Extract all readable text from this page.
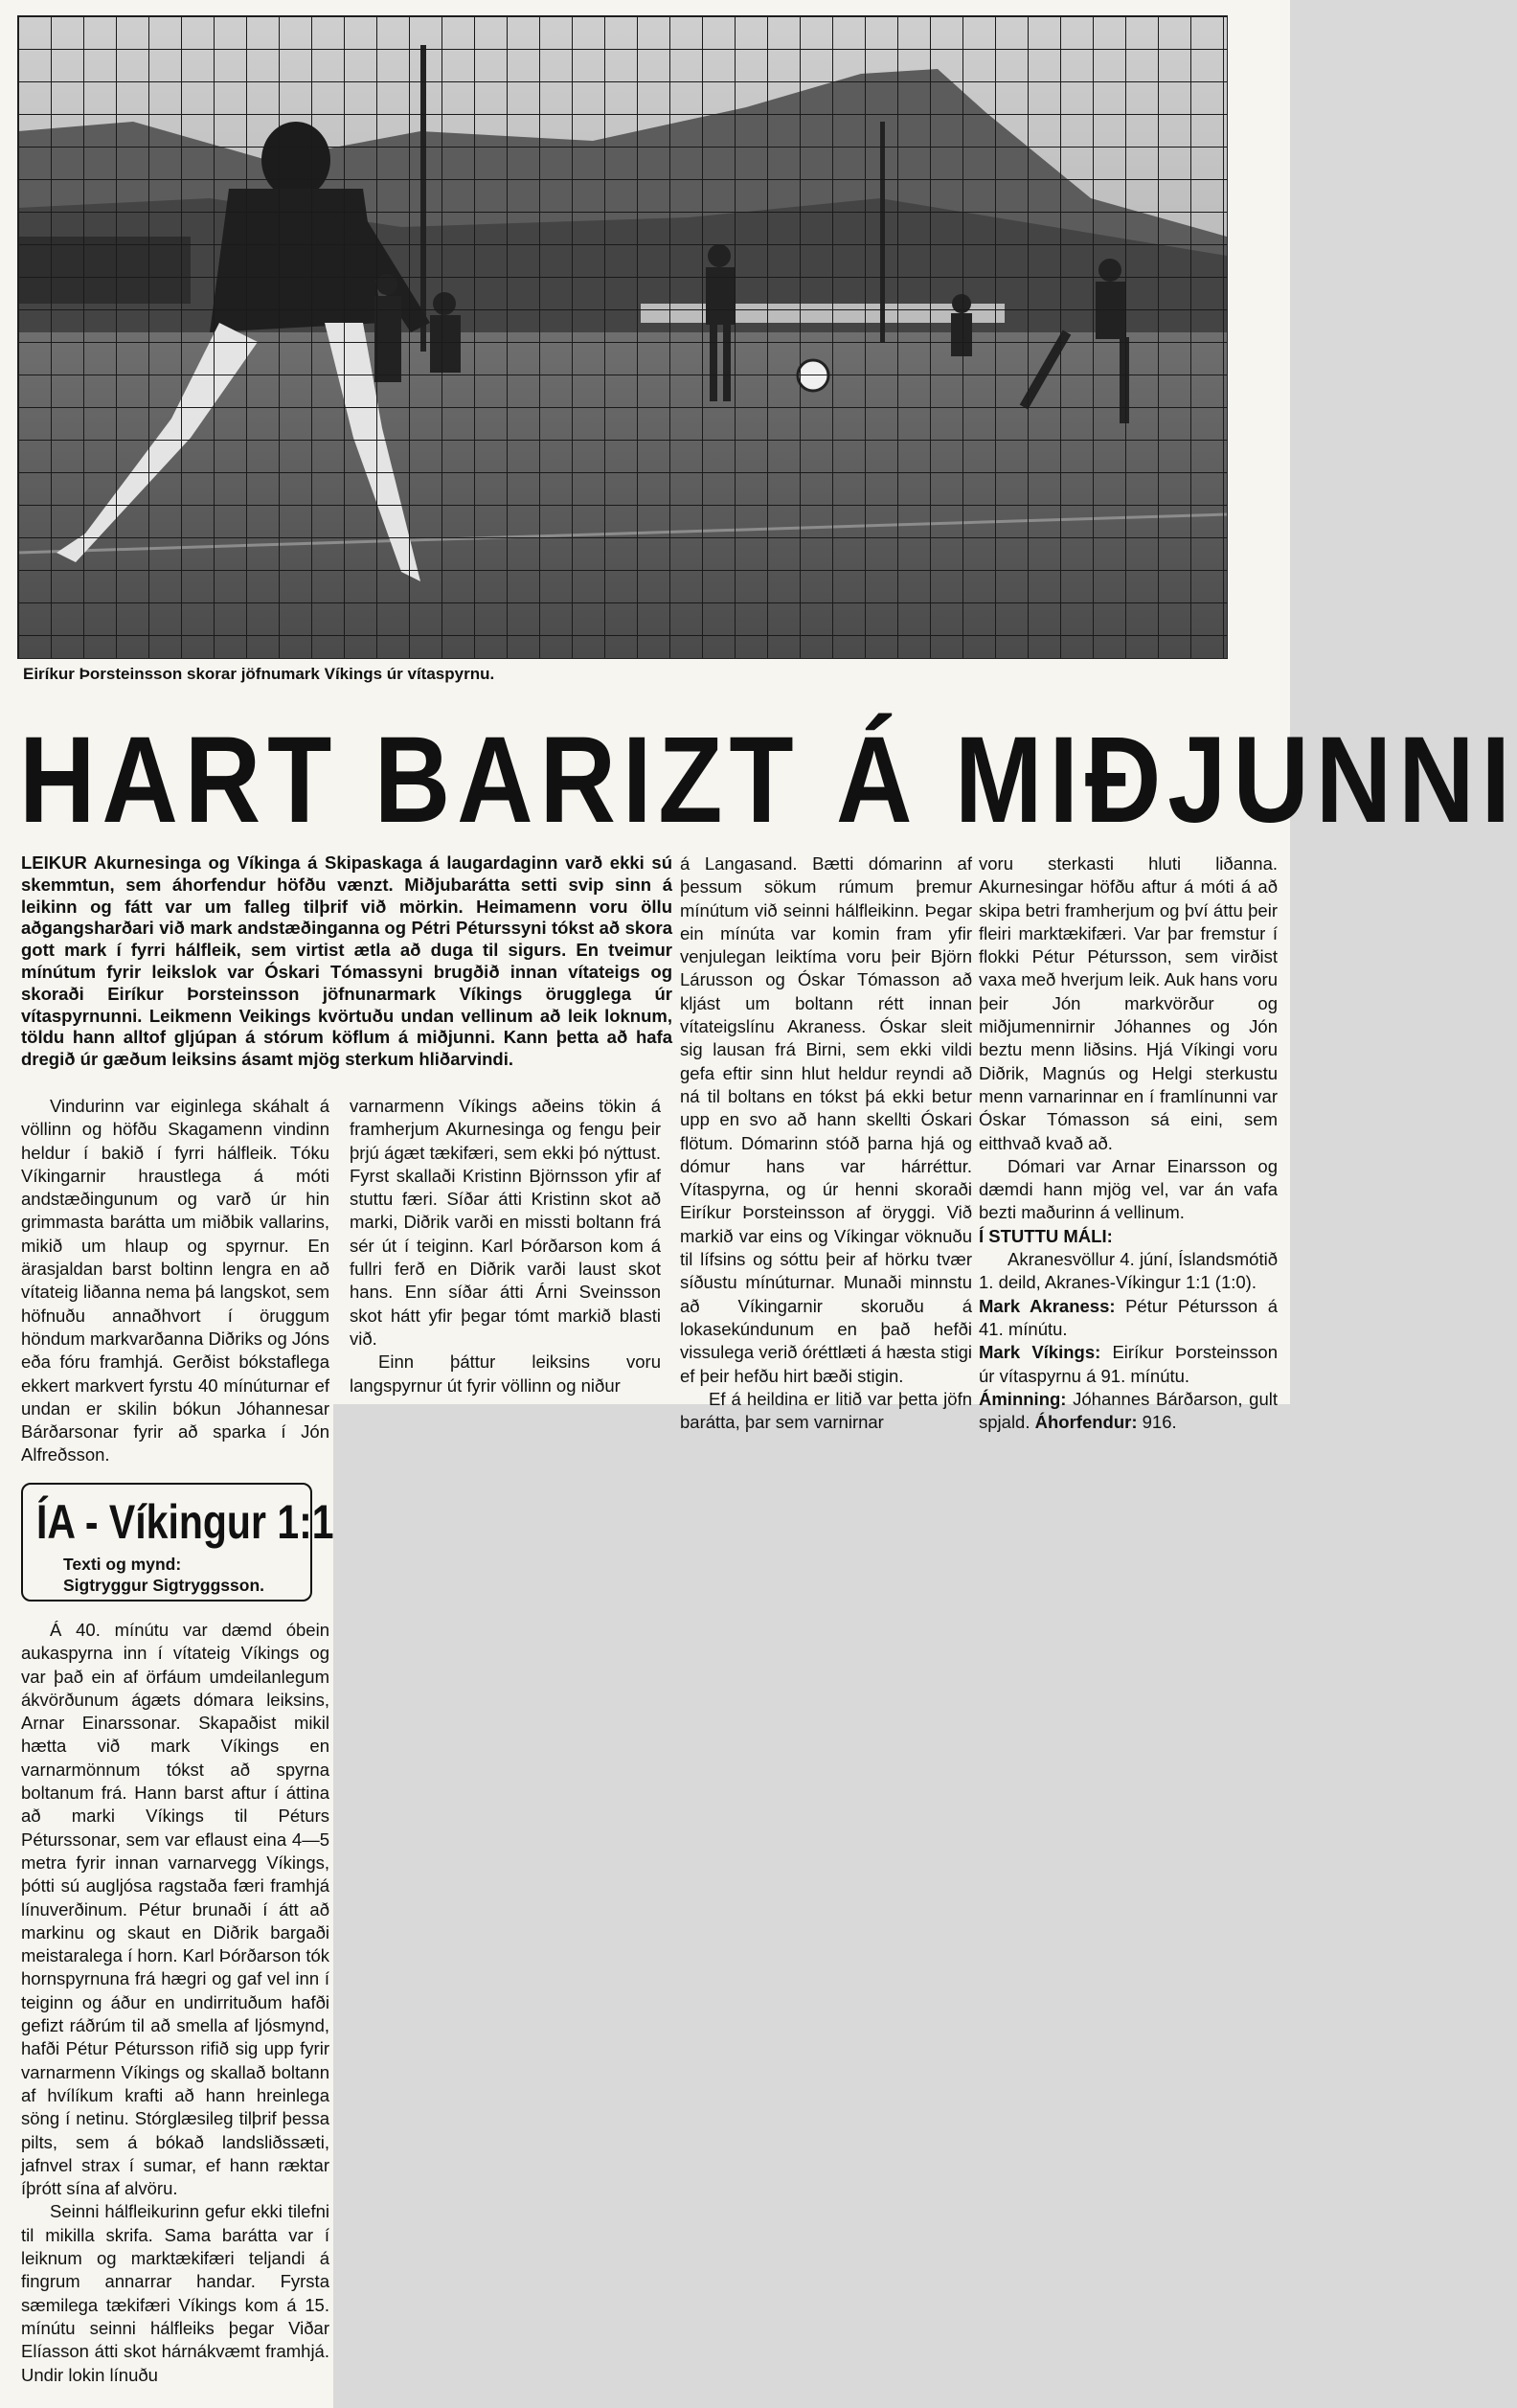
Eiríkur Þorsteinsson skorar jöfnumark Víkings úr vítaspyrnu.
HART BARIZT Á MIÐJUNNI
LEIKUR Akurnesinga og Víkinga á Skipaskaga á laugardaginn varð ekki sú skemmtun, sem áhorfendur höfðu vænzt. Miðjubarátta setti svip sinn á leikinn og fátt var um falleg tilþrif við mörkin. Heimamenn voru öllu aðgangsharðari við mark andstæðinganna og Pétri Péturssyni tókst að skora gott mark í fyrri hálfleik, sem virtist ætla að duga til sigurs. En tveimur mínútum fyrir leikslok var Óskari Tómassyni brugðið innan vítateigs og skoraði Eiríkur Þorsteinsson jöfnunarmark Víkings örugglega úr vítaspyrnunni. Leikmenn Veikings kvörtuðu undan vellinum að leik loknum, töldu hann alltof gljúpan á stórum köflum á miðjunni. Kann þetta að hafa dregið úr gæðum leiksins ásamt mjög sterkum hliðarvindi.

Vindurinn var eiginlega skáhalt á völlinn og höfðu Skagamenn vindinn heldur í bakið í fyrri hálfleik. Tóku Víkingarnir hraustlega á móti andstæðingunum og varð úr hin grimmasta barátta um miðbik vallarins, mikið um hlaup og spyrnur. En ärasjaldan barst boltinn lengra en að vítateig liðanna nema þá langskot, sem höfnuðu annaðhvort í öruggum höndum markvarðanna Diðriks og Jóns eða fóru framhjá. Gerðist bókstaflega ekkert markvert fyrstu 40 mínúturnar ef undan er skilin bókun Jóhannesar Bárðarsonar fyrir að sparka í Jón Alfreðsson.

ÍA - Víkingur 1:1
Texti og mynd:
Sigtryggur Sigtryggsson.

Á 40. mínútu var dæmd óbein aukaspyrna inn í vítateig Víkings og var það ein af örfáum umdeilanlegum ákvörðunum ágæts dómara leiksins, Arnar Einarssonar. Skapaðist mikil hætta við mark Víkings en varnarmönnum tókst að spyrna boltanum frá. Hann barst aftur í áttina að marki Víkings til Péturs Péturssonar, sem var eflaust eina 4—5 metra fyrir innan varnarvegg Víkings, þótti sú augljósa ragstaða færi framhjá línuverðinum. Pétur brunaði í átt að markinu og skaut en Diðrik bargaði meistaralega í horn. Karl Þórðarson tók hornspyrnuna frá hægri og gaf vel inn í teiginn og áður en undirrituðum hafði gefizt ráðrúm til að smella af ljósmynd, hafði Pétur Pétursson rifið sig upp fyrir varnarmenn Víkings og skallað boltann af hvílíkum krafti að hann hreinlega söng í netinu. Stórglæsileg tilþrif þessa pilts, sem á bókað landsliðssæti, jafnvel strax í sumar, ef hann ræktar íþrótt sína af alvöru.

Seinni hálfleikurinn gefur ekki tilefni til mikilla skrifa. Sama barátta var í leiknum og marktækifæri teljandi á fingrum annarrar handar. Fyrsta sæmilega tækifæri Víkings kom á 15. mínútu seinni hálfleiks þegar Viðar Elíasson átti skot hárnákvæmt framhjá. Undir lokin línuðu

varnarmenn Víkings aðeins tökin á framherjum Akurnesinga og fengu þeir þrjú ágæt tækifæri, sem ekki þó nýttust. Fyrst skallaði Kristinn Björnsson yfir af stuttu færi. Síðar átti Kristinn skot að marki, Diðrik varði en missti boltann frá sér út í teiginn. Karl Þórðarson kom á fullri ferð en Diðrik varði laust skot hans. Enn síðar átti Árni Sveinsson skot hátt yfir þegar tómt markið blasti við.

Einn þáttur leiksins voru langspyrnur út fyrir völlinn og niður

á Langasand. Bætti dómarinn af þessum sökum rúmum þremur mínútum við seinni hálfleikinn. Þegar ein mínúta var komin fram yfir venjulegan leiktíma voru þeir Björn Lárusson og Óskar Tómasson að kljást um boltann rétt innan vítateigslínu Akraness. Óskar sleit sig lausan frá Birni, sem ekki vildi gefa eftir sinn hlut heldur reyndi að ná til boltans en tókst þá ekki betur upp en svo að hann skellti Óskari flötum. Dómarinn stóð þarna hjá og dómur hans var hárréttur. Vítaspyrna, og úr henni skoraði Eiríkur Þorsteinsson af öryggi. Við markið var eins og Víkingar vöknuðu til lífsins og sóttu þeir af hörku tvær síðustu mínúturnar. Munaði minnstu að Víkingarnir skoruðu á lokasekúndunum en það hefði vissulega verið óréttlæti á hæsta stigi ef þeir hefðu hirt bæði stigin.

Ef á heildina er litið var þetta jöfn barátta, þar sem varnirnar

voru sterkasti hluti liðanna. Akurnesingar höfðu aftur á móti á að skipa betri framherjum og því áttu þeir fleiri marktækifæri. Var þar fremstur í flokki Pétur Pétursson, sem virðist vaxa með hverjum leik. Auk hans voru þeir Jón markvörður og miðjumennirnir Jóhannes og Jón beztu menn liðsins. Hjá Víkingi voru Diðrik, Magnús og Helgi sterkustu menn varnarinnar en í framlínunni var Óskar Tómasson sá eini, sem eitthvað kvað að.

Dómari var Arnar Einarsson og dæmdi hann mjög vel, var án vafa bezti maðurinn á vellinum.

Í STUTTU MÁLI:

Akranesvöllur 4. júní, Íslandsmótið 1. deild, Akranes-Víkingur 1:1 (1:0).

Mark Akraness: Pétur Pétursson á 41. mínútu.

Mark Víkings: Eiríkur Þorsteinsson úr vítaspyrnu á 91. mínútu.

Áminning: Jóhannes Bárðarson, gult spjald. Áhorfendur: 916.
